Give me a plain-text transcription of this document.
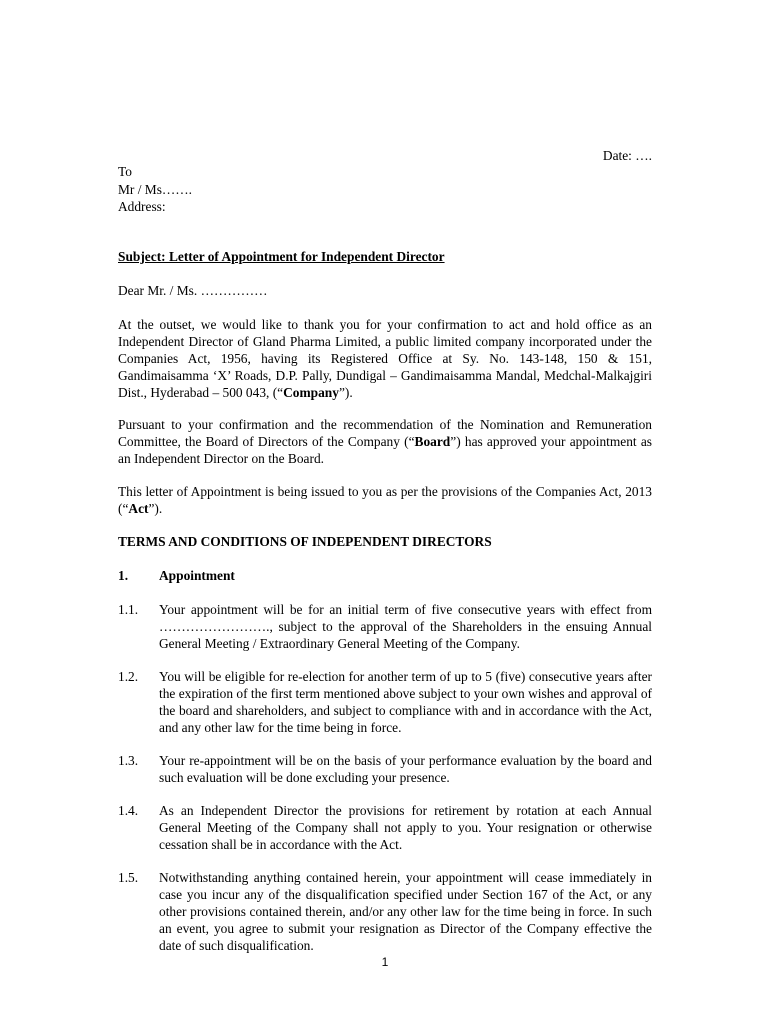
Date: ….
To
Mr / Ms…….
Address:
Subject: Letter of Appointment for Independent Director
Dear Mr. / Ms. ……………

At the outset, we would like to thank you for your confirmation to act and hold office as an Independent Director of Gland Pharma Limited, a public limited company incorporated under the Companies Act, 1956, having its Registered Office at Sy. No. 143-148, 150 & 151, Gandimaisamma ‘X’ Roads, D.P. Pally, Dundigal – Gandimaisamma Mandal, Medchal-Malkajgiri Dist., Hyderabad – 500 043, (“Company”).

Pursuant to your confirmation and the recommendation of the Nomination and Remuneration Committee, the Board of Directors of the Company (“Board”) has approved your appointment as an Independent Director on the Board.

This letter of Appointment is being issued to you as per the provisions of the Companies Act, 2013 (“Act”).

TERMS AND CONDITIONS OF INDEPENDENT DIRECTORS
1. Appointment
1.1. Your appointment will be for an initial term of five consecutive years with effect from ……………………., subject to the approval of the Shareholders in the ensuing Annual General Meeting / Extraordinary General Meeting of the Company.
1.2. You will be eligible for re-election for another term of up to 5 (five) consecutive years after the expiration of the first term mentioned above subject to your own wishes and approval of the board and shareholders, and subject to compliance with and in accordance with the Act, and any other law for the time being in force.
1.3. Your re-appointment will be on the basis of your performance evaluation by the board and such evaluation will be done excluding your presence.
1.4. As an Independent Director the provisions for retirement by rotation at each Annual General Meeting of the Company shall not apply to you. Your resignation or otherwise cessation shall be in accordance with the Act.
1.5. Notwithstanding anything contained herein, your appointment will cease immediately in case you incur any of the disqualification specified under Section 167 of the Act, or any other provisions contained therein, and/or any other law for the time being in force. In such an event, you agree to submit your resignation as Director of the Company effective the date of such disqualification.
1
